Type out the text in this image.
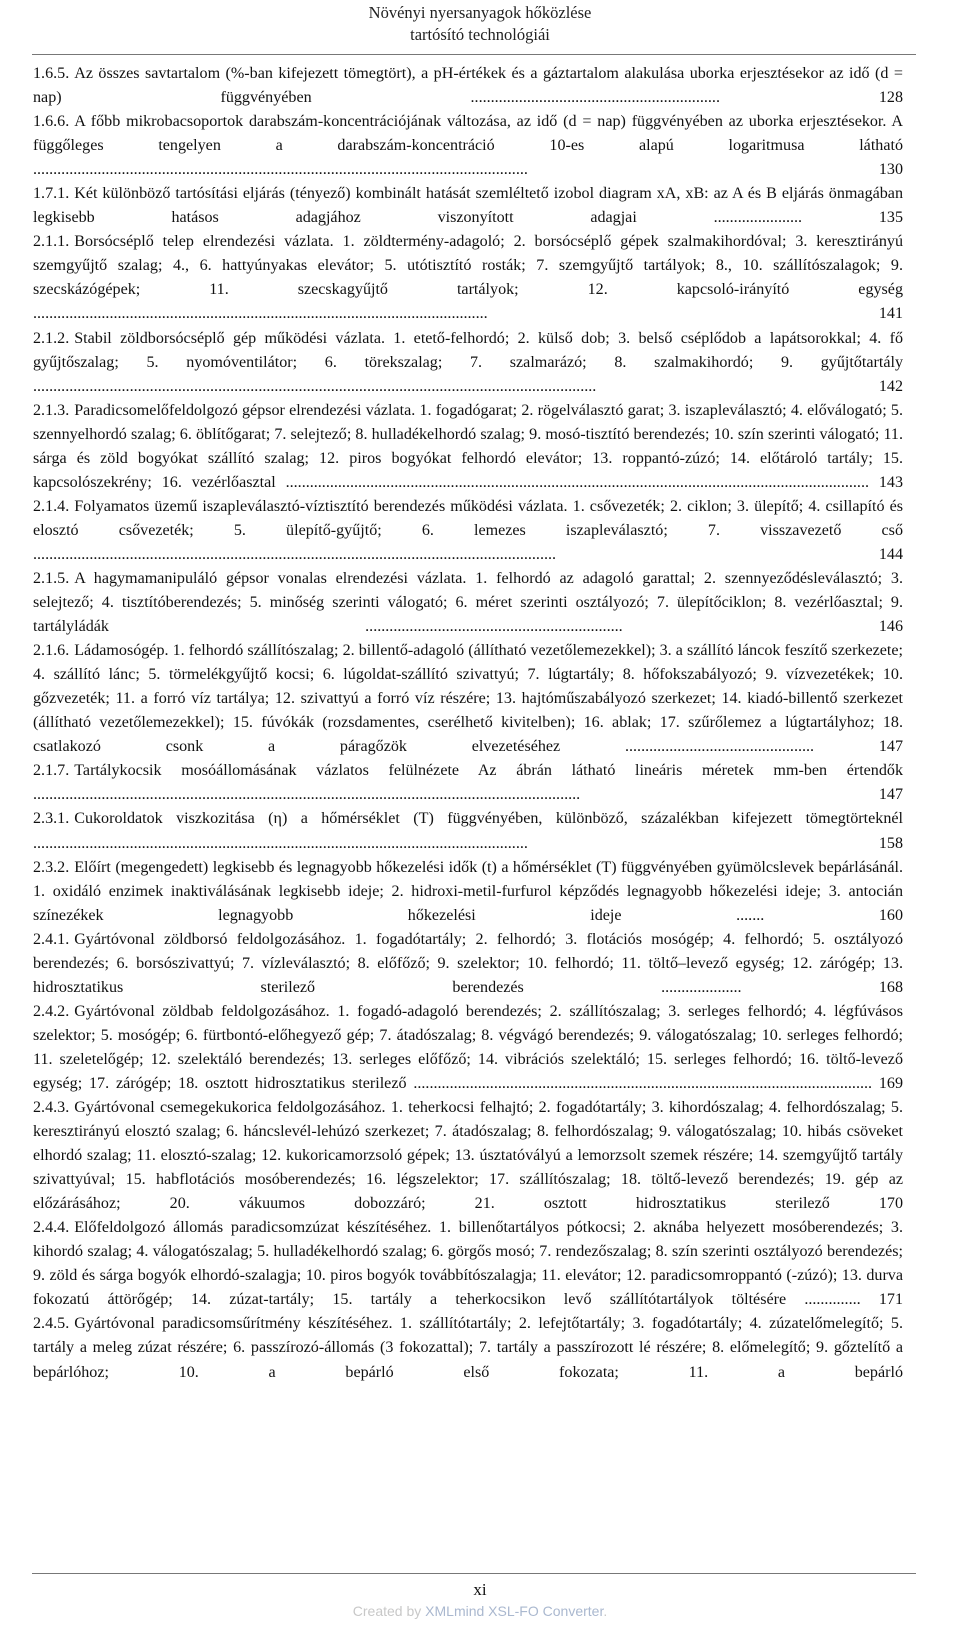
Növényi nyersanyagok hőközlése
tartósító technológiái
1.6.5. Az összes savtartalom (%-ban kifejezett tömegtört), a pH-értékek és a gáztartalom alakulása uborka erjesztésekor az idő (d = nap) függvényében	..............................................................	128
1.6.6. A főbb mikrobacsoportok darabszám-koncentrációjának változása, az idő (d = nap) függvényében az uborka erjesztésekor. A függőleges tengelyen a darabszám-koncentráció 10-es alapú logaritmusa látható ...........................................................................................................................	130
1.7.1. Két különböző tartósítási eljárás (tényező) kombinált hatását szemléltető izobol diagram xA, xB: az A és B eljárás önmagában legkisebb hatásos adagjához viszonyított adagjai	......................	135
2.1.1. Borsócséplő telep elrendezési vázlata. 1. zöldtermény-adagoló; 2. borsócséplő gépek szalmakihordóval; 3. keresztirányú szemgyűjtő szalag; 4., 6. hattyúnyakas elevátor; 5. utótisztító rosták; 7. szemgyűjtő tartályok; 8., 10. szállítószalagok; 9. szecskázógépek; 11. szecskagyűjtő tartályok; 12. kapcsoló-irányító egység .................................................................................................................	141
2.1.2. Stabil zöldborsócséplő gép működési vázlata. 1. etető-felhordó; 2. külső dob; 3. belső cséplődob a lapátsorokkal; 4. fő gyűjtőszalag; 5. nyomóventilátor; 6. törekszalag; 7. szalmarázó; 8. szalmakihordó; 9. gyűjtőtartály ............................................................................................................................................	142
2.1.3. Paradicsomelőfeldolgozó gépsor elrendezési vázlata. 1. fogadógarat; 2. rögelválasztó garat; 3. iszapleválasztó; 4. előválogató; 5. szennyelhordó szalag; 6. öblítőgarat; 7. selejtező; 8. hulladékelhordó szalag; 9. mosó-tisztító berendezés; 10. szín szerinti válogató; 11. sárga és zöld bogyókat szállító szalag; 12. piros bogyókat felhordó elevátor; 13. roppantó-zúzó; 14. előtároló tartály; 15. kapcsolószekrény; 16. vezérlőasztal ................................................................................................................................................. 143
2.1.4. Folyamatos üzemű iszapleválasztó-víztisztító berendezés működési vázlata. 1. csővezeték; 2. ciklon; 3. ülepítő; 4. csillapító és elosztó csővezeték; 5. ülepítő-gyűjtő; 6. lemezes iszapleválasztó; 7. visszavezető cső ..................................................................................................................................	144
2.1.5. A hagymamanipuláló gépsor vonalas elrendezési vázlata. 1. felhordó az adagoló garattal; 2. szennyeződésleválasztó; 3. selejtező; 4. tisztítóberendezés; 5. minőség szerinti válogató; 6. méret szerinti osztályozó; 7. ülepítőciklon; 8. vezérlőasztal; 9. tartályládák	................................................................	146
2.1.6. Ládamosógép. 1. felhordó szállítószalag; 2. billentő-adagoló (állítható vezetőlemezekkel); 3. a szállító láncok feszítő szerkezete; 4. szállító lánc; 5. törmelékgyűjtő kocsi; 6. lúgoldat-szállító szivattyú; 7. lúgtartály; 8. hőfokszabályozó; 9. vízvezetékek; 10. gőzvezeték; 11. a forró víz tartálya; 12. szivattyú a forró víz részére; 13. hajtóműszabályozó szerkezet; 14. kiadó-billentő szerkezet (állítható vezetőlemezekkel); 15. fúvókák (rozsdamentes, cserélhető kivitelben); 16. ablak; 17. szűrőlemez a lúgtartályhoz; 18. csatlakozó csonk a páragőzök elvezetéséhez	...............................................	147
2.1.7. Tartálykocsik mosóállomásának vázlatos felülnézete Az ábrán látható lineáris méretek mm-ben értendők ........................................................................................................................................	147
2.3.1. Cukoroldatok viszkozitása (η) a hőmérséklet (T) függvényében, különböző, százalékban kifejezett tömegtörteknél ...........................................................................................................................	158
2.3.2. Előírt (megengedett) legkisebb és legnagyobb hőkezelési idők (t) a hőmérséklet (T) függvényében gyümölcslevek bepárlásánál. 1. oxidáló enzimek inaktiválásának legkisebb ideje; 2. hidroxi-metil-furfurol képződés legnagyobb hőkezelési ideje; 3. antocián színezékek legnagyobb hőkezelési ideje	.......	160
2.4.1. Gyártóvonal zöldborsó feldolgozásához. 1. fogadótartály; 2. felhordó; 3. flotációs mosógép; 4. felhordó; 5. osztályozó berendezés; 6. borsószivattyú; 7. vízleválasztó; 8. előfőző; 9. szelektor; 10. felhordó; 11. töltő–levező egység; 12. zárógép; 13. hidrosztatikus sterilező berendezés	....................	168
2.4.2. Gyártóvonal zöldbab feldolgozásához. 1. fogadó-adagoló berendezés; 2. szállítószalag; 3. serleges felhordó; 4. légfúvásos szelektor; 5. mosógép; 6. fürtbontó-előhegyező gép; 7. átadószalag; 8. végvágó berendezés; 9. válogatószalag; 10. serleges felhordó; 11. szeletelőgép; 12. szelektáló berendezés; 13. serleges előfőző; 14. vibrációs szelektáló; 15. serleges felhordó; 16. töltő-levező egység; 17. zárógép; 18. osztott hidrosztatikus sterilező .................................................................................................................. 169
2.4.3. Gyártóvonal csemegekukorica feldolgozásához. 1. teherkocsi felhajtó; 2. fogadótartály; 3. kihordószalag; 4. felhordószalag; 5. keresztirányú elosztó szalag; 6. háncslevél-lehúzó szerkezet; 7. átadószalag; 8. felhordószalag; 9. válogatószalag; 10. hibás csöveket elhordó szalag; 11. elosztó-szalag; 12. kukoricamorzsoló gépek; 13. úsztatóvályú a lemorzsolt szemek részére; 14. szemgyűjtő tartály szivattyúval; 15. habflotációs mosóberendezés; 16. légszelektor; 17. szállítószalag; 18. töltő-levező berendezés; 19. gép az előzárásához; 20. vákuumos dobozzáró; 21. osztott hidrosztatikus sterilező	170
2.4.4. Előfeldolgozó állomás paradicsomzúzat készítéséhez. 1. billenőtartályos pótkocsi; 2. aknába helyezett mosóberendezés; 3. kihordó szalag; 4. válogatószalag; 5. hulladékelhordó szalag; 6. görgős mosó; 7. rendezőszalag; 8. szín szerinti osztályozó berendezés; 9. zöld és sárga bogyók elhordó-szalagja; 10. piros bogyók továbbítószalagja; 11. elevátor; 12. paradicsomroppantó (-zúzó); 13. durva fokozatú áttörőgép; 14. zúzat-tartály; 15. tartály a teherkocsikon levő szállítótartályok töltésére .............. 171
2.4.5. Gyártóvonal paradicsomsűrítmény készítéséhez. 1. szállítótartály; 2. lefejtőtartály; 3. fogadótartály; 4. zúzatelőmelegítő; 5. tartály a meleg zúzat részére; 6. passzírozó-állomás (3 fokozattal); 7. tartály a passzírozott lé részére; 8. előmelegítő; 9. gőztelítő a bepárlóhoz; 10. a bepárló első fokozata; 11. a bepárló
xi
Created by XMLmind XSL-FO Converter.
